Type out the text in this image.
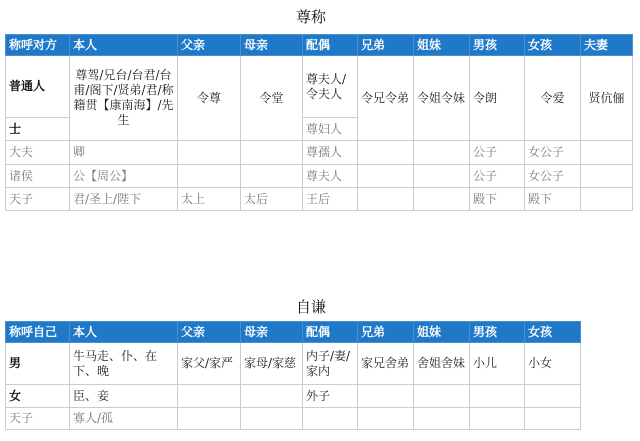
尊称
称呼对方	本人	父亲	母亲	配偶	兄弟	姐妹	男孩	女孩	夫妻
普通人	尊驾/兄台/台君/台甫/阁下/贤弟/君/称籍贯【康南海】/先生	令尊	令堂	尊夫人/令夫人	令兄令弟	令姐令妹	令朗	令爱	贤伉俪
士				尊妇人					
大夫	卿			尊孺人			公子	女公子	
诸侯	公【周公】			尊夫人			公子	女公子	
天子	君/圣上/陛下	太上	太后	王后			殿下	殿下	
自谦
称呼自己	本人	父亲	母亲	配偶	兄弟	姐妹	男孩	女孩
男	牛马走、仆、在下、晚	家父/家严	家母/家慈	内子/妻/家内	家兄舍弟	舍姐舍妹	小儿	小女
女	臣、妾			外子				
天子	寡人/孤							
